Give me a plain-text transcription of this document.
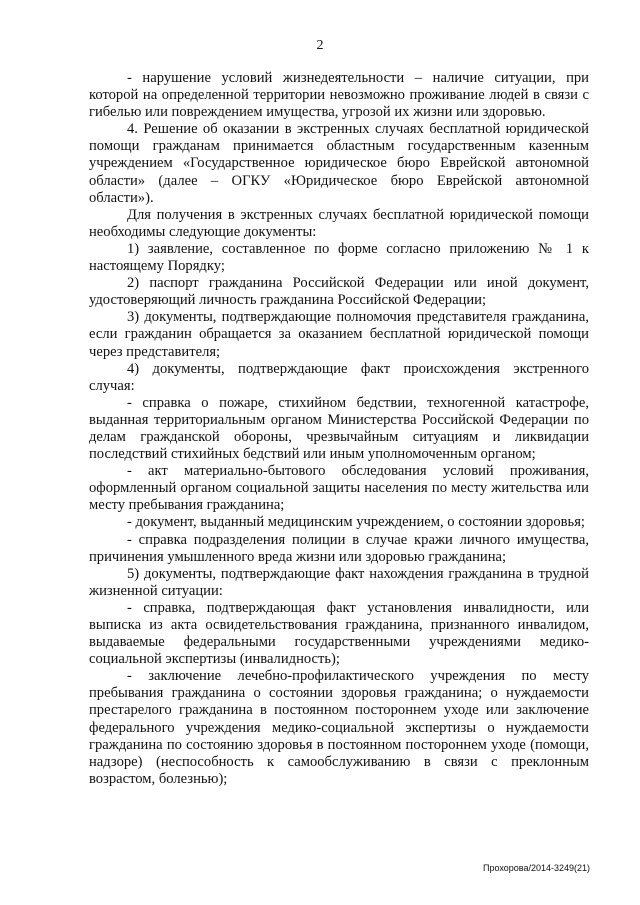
2

- нарушение условий жизнедеятельности – наличие ситуации, при которой на определенной территории невозможно проживание людей в связи с гибелью или повреждением имущества, угрозой их жизни или здоровью.

4. Решение об оказании в экстренных случаях бесплатной юридической помощи гражданам принимается областным государственным казенным учреждением «Государственное юридическое бюро Еврейской автономной области» (далее – ОГКУ «Юридическое бюро Еврейской автономной области»).

Для получения в экстренных случаях бесплатной юридической помощи необходимы следующие документы:

1) заявление, составленное по форме согласно приложению № 1 к настоящему Порядку;

2) паспорт гражданина Российской Федерации или иной документ, удостоверяющий личность гражданина Российской Федерации;

3) документы, подтверждающие полномочия представителя гражданина, если гражданин обращается за оказанием бесплатной юридической помощи через представителя;

4) документы, подтверждающие факт происхождения экстренного случая:

- справка о пожаре, стихийном бедствии, техногенной катастрофе, выданная территориальным органом Министерства Российской Федерации по делам гражданской обороны, чрезвычайным ситуациям и ликвидации последствий стихийных бедствий или иным уполномоченным органом;

- акт материально-бытового обследования условий проживания, оформленный органом социальной защиты населения по месту жительства или месту пребывания гражданина;

- документ, выданный медицинским учреждением, о состоянии здоровья;

- справка подразделения полиции в случае кражи личного имущества, причинения умышленного вреда жизни или здоровью гражданина;

5) документы, подтверждающие факт нахождения гражданина в трудной жизненной ситуации:

- справка, подтверждающая факт установления инвалидности, или выписка из акта освидетельствования гражданина, признанного инвалидом, выдаваемые федеральными государственными учреждениями медико-социальной экспертизы (инвалидность);

- заключение лечебно-профилактического учреждения по месту пребывания гражданина о состоянии здоровья гражданина; о нуждаемости престарелого гражданина в постоянном постороннем уходе или заключение федерального учреждения медико-социальной экспертизы о нуждаемости гражданина по состоянию здоровья в постоянном постороннем уходе (помощи, надзоре) (неспособность к самообслуживанию в связи с преклонным возрастом, болезнью);

Прохорова/2014-3249(21)
